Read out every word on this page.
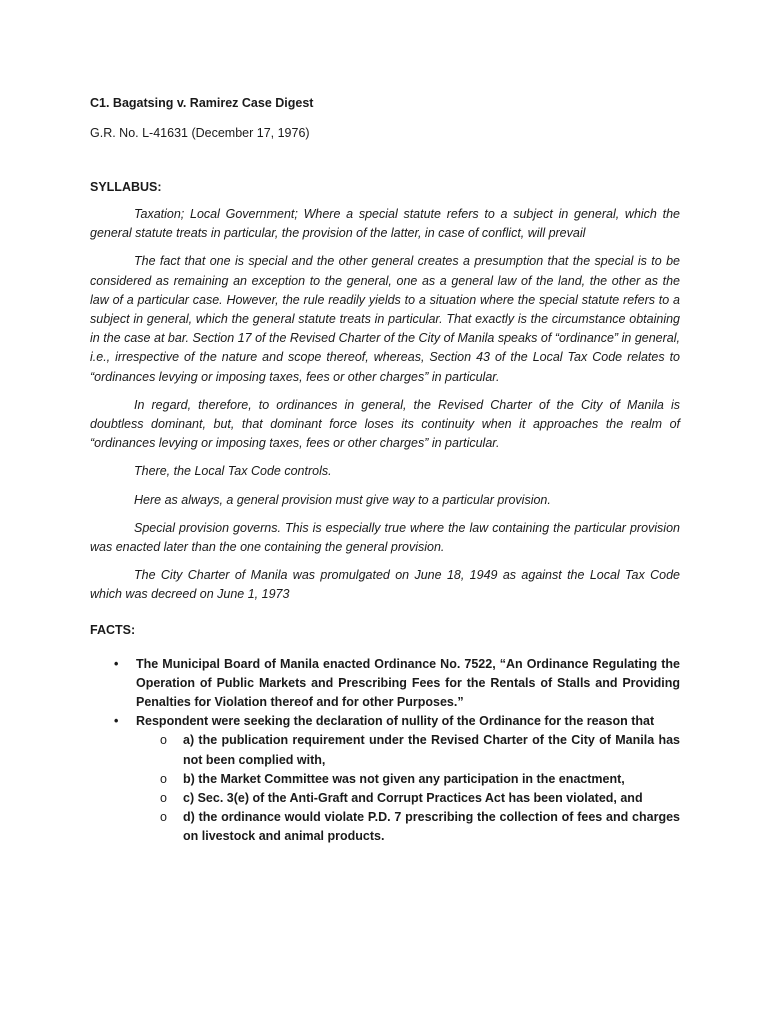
C1. Bagatsing v. Ramirez Case Digest

G.R. No. L-41631 (December 17, 1976)

SYLLABUS:

Taxation; Local Government; Where a special statute refers to a subject in general, which the general statute treats in particular, the provision of the latter, in case of conflict, will prevail

The fact that one is special and the other general creates a presumption that the special is to be considered as remaining an exception to the general, one as a general law of the land, the other as the law of a particular case. However, the rule readily yields to a situation where the special statute refers to a subject in general, which the general statute treats in particular. That exactly is the circumstance obtaining in the case at bar. Section 17 of the Revised Charter of the City of Manila speaks of “ordinance” in general, i.e., irrespective of the nature and scope thereof, whereas, Section 43 of the Local Tax Code relates to “ordinances levying or imposing taxes, fees or other charges” in particular.

In regard, therefore, to ordinances in general, the Revised Charter of the City of Manila is doubtless dominant, but, that dominant force loses its continuity when it approaches the realm of “ordinances levying or imposing taxes, fees or other charges” in particular.

There, the Local Tax Code controls.

Here as always, a general provision must give way to a particular provision.

Special provision governs. This is especially true where the law containing the particular provision was enacted later than the one containing the general provision.

The City Charter of Manila was promulgated on June 18, 1949 as against the Local Tax Code which was decreed on June 1, 1973

FACTS:

• The Municipal Board of Manila enacted Ordinance No. 7522, “An Ordinance Regulating the Operation of Public Markets and Prescribing Fees for the Rentals of Stalls and Providing Penalties for Violation thereof and for other Purposes.”
• Respondent were seeking the declaration of nullity of the Ordinance for the reason that
o a) the publication requirement under the Revised Charter of the City of Manila has not been complied with,
o b) the Market Committee was not given any participation in the enactment,
o c) Sec. 3(e) of the Anti-Graft and Corrupt Practices Act has been violated, and
o d) the ordinance would violate P.D. 7 prescribing the collection of fees and charges on livestock and animal products.
